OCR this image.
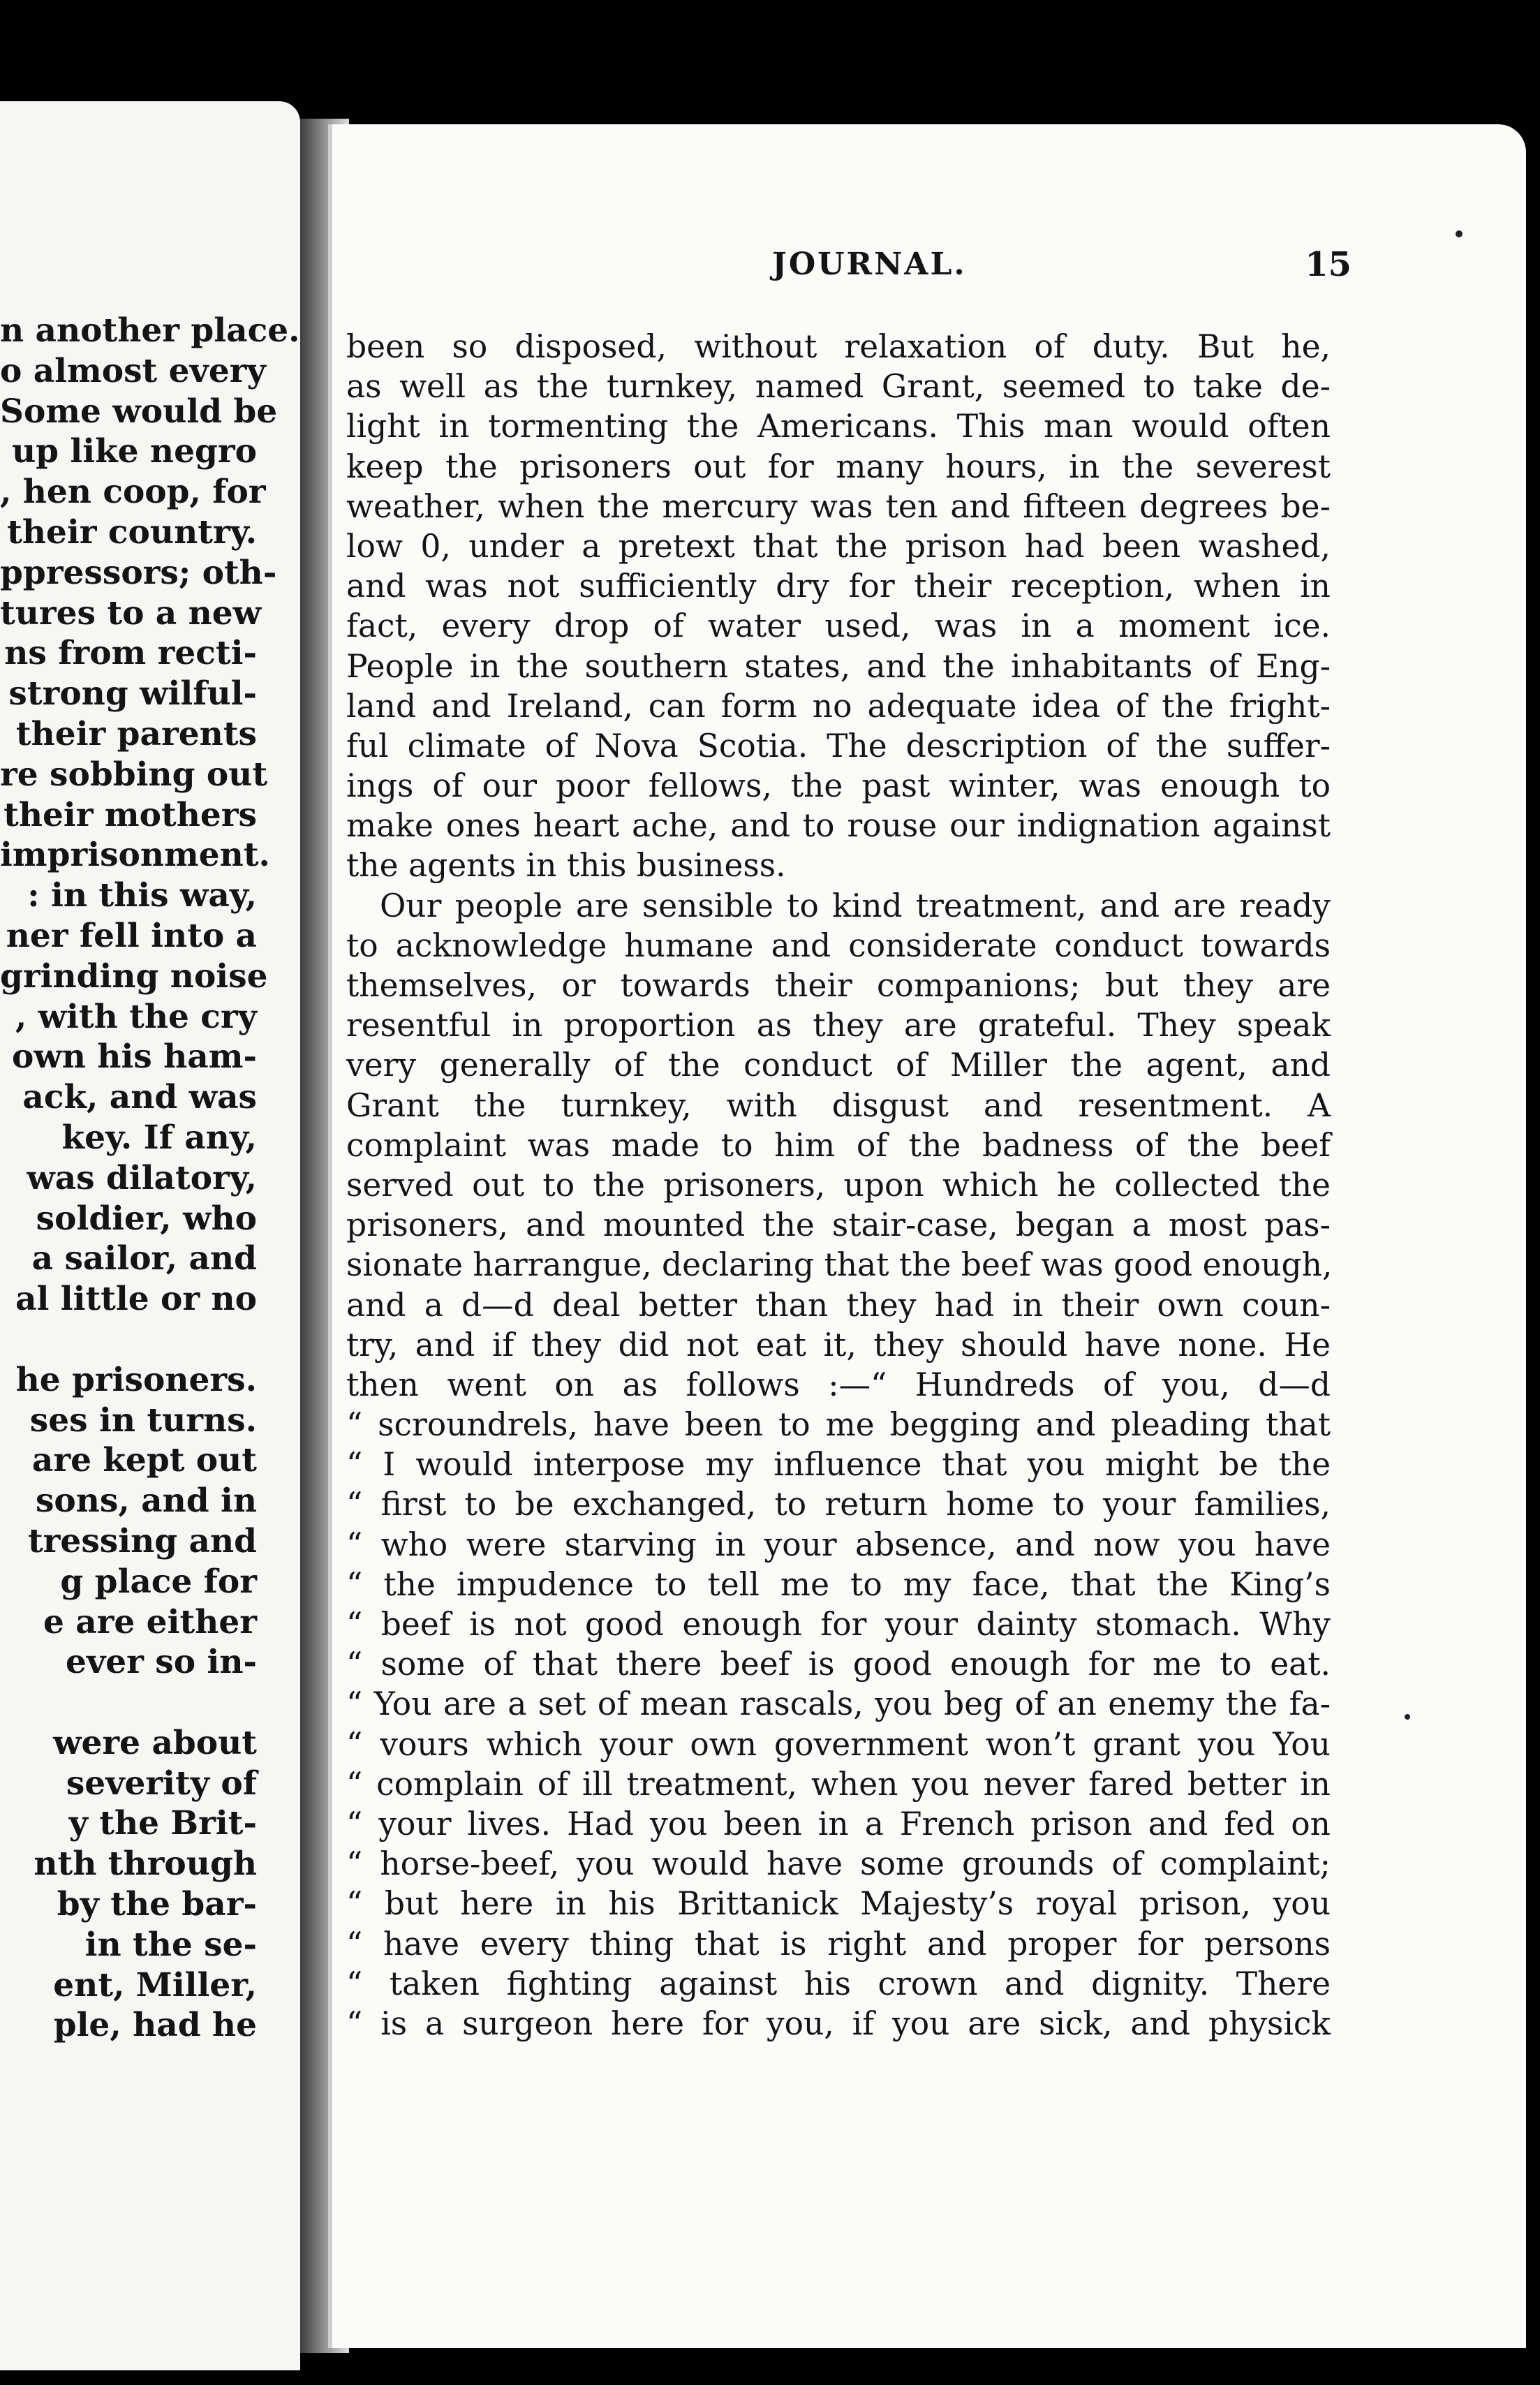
n another place.
o almost every
Some would be
up like negro
, hen coop, for
their country.
ppressors; oth-
tures to a new
ns from recti-
strong wilful-
their parents
re sobbing out
their mothers
imprisonment.
: in this way,
ner fell into a
grinding noise
, with the cry
own his ham-
ack, and was
key. If any,
was dilatory,
soldier, who
a sailor, and
al little or no
he prisoners.
ses in turns.
are kept out
sons, and in
tressing and
g place for
e are either
ever so in-
were about
severity of
y the Brit-
nth through
by the bar-
in the se-
ent, Miller,
ple, had he
JOURNAL.	15
been so disposed, without relaxation of duty. But he,
as well as the turnkey, named Grant, seemed to take de-
light in tormenting the Americans. This man would often
keep the prisoners out for many hours, in the severest
weather, when the mercury was ten and fifteen degrees be-
low 0, under a pretext that the prison had been washed,
and was not sufficiently dry for their reception, when in
fact, every drop of water used, was in a moment ice.
People in the southern states, and the inhabitants of Eng-
land and Ireland, can form no adequate idea of the fright-
ful climate of Nova Scotia. The description of the suffer-
ings of our poor fellows, the past winter, was enough to
make ones heart ache, and to rouse our indignation against
the agents in this business.
Our people are sensible to kind treatment, and are ready
to acknowledge humane and considerate conduct towards
themselves, or towards their companions; but they are
resentful in proportion as they are grateful. They speak
very generally of the conduct of Miller the agent, and
Grant the turnkey, with disgust and resentment. A
complaint was made to him of the badness of the beef
served out to the prisoners, upon which he collected the
prisoners, and mounted the stair-case, began a most pas-
sionate harrangue, declaring that the beef was good enough,
and a d—d deal better than they had in their own coun-
try, and if they did not eat it, they should have none. He
then went on as follows :—“ Hundreds of you, d—d
“ scroundrels, have been to me begging and pleading that
“ I would interpose my influence that you might be the
“ first to be exchanged, to return home to your families,
“ who were starving in your absence, and now you have
“ the impudence to tell me to my face, that the King’s
“ beef is not good enough for your dainty stomach. Why
“ some of that there beef is good enough for me to eat.
“ You are a set of mean rascals, you beg of an enemy the fa-
“ vours which your own government won’t grant you You
“ complain of ill treatment, when you never fared better in
“ your lives. Had you been in a French prison and fed on
“ horse-beef, you would have some grounds of complaint;
“ but here in his Brittanick Majesty’s royal prison, you
“ have every thing that is right and proper for persons
“ taken fighting against his crown and dignity. There
“ is a surgeon here for you, if you are sick, and physick
